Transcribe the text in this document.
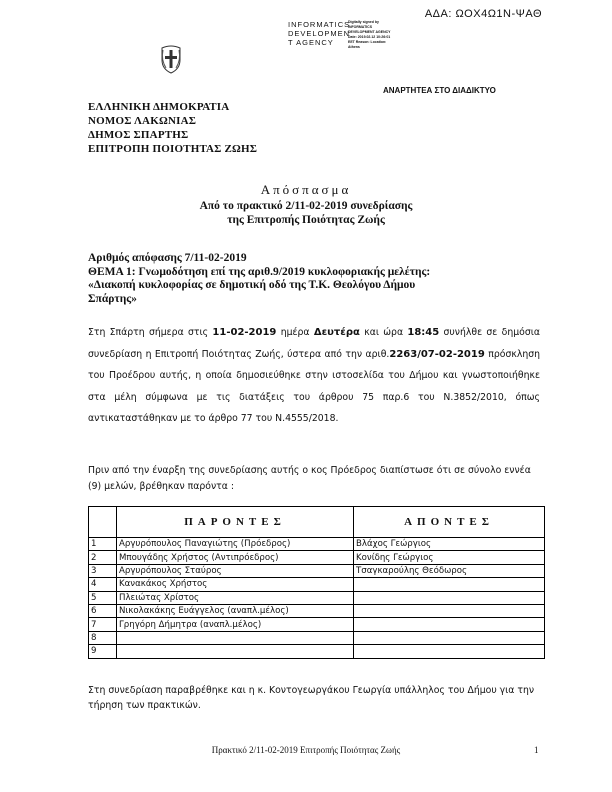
ΑΔΑ: ΩΟΧ4Ω1Ν-ΨΑΘ
INFORMATICS
DEVELOPMEN
T AGENCY
Digitally signed by INFORMATICS DEVELOPMENT AGENCY Date: 2019.02.12 10:26:01 EET Reason: Location: Athens
ΑΝΑΡΤΗΤΕΑ ΣΤΟ ΔΙΑΔΙΚΤΥΟ
ΕΛΛΗΝΙΚΗ ΔΗΜΟΚΡΑΤΙΑ
ΝΟΜΟΣ ΛΑΚΩΝΙΑΣ
ΔΗΜΟΣ ΣΠΑΡΤΗΣ
ΕΠΙΤΡΟΠΗ ΠΟΙΟΤΗΤΑΣ ΖΩΗΣ
Απόσπασμα
Από το πρακτικό 2/11-02-2019 συνεδρίασης
της Επιτροπής Ποιότητας Ζωής
Αριθμός απόφασης 7/11-02-2019
ΘΕΜΑ 1: Γνωμοδότηση επί της αριθ.9/2019 κυκλοφοριακής μελέτης:
«Διακοπή κυκλοφορίας σε δημοτική οδό της Τ.Κ. Θεολόγου Δήμου
Σπάρτης»
Στη Σπάρτη σήμερα στις 11-02-2019 ημέρα Δευτέρα και ώρα 18:45 συνήλθε σε δημόσια συνεδρίαση η Επιτροπή Ποιότητας Ζωής, ύστερα από την αριθ.2263/07-02-2019 πρόσκληση του Προέδρου αυτής, η οποία δημοσιεύθηκε στην ιστοσελίδα του Δήμου και γνωστοποιήθηκε στα μέλη σύμφωνα με τις διατάξεις του άρθρου 75 παρ.6 του Ν.3852/2010, όπως αντικαταστάθηκαν με το άρθρο 77 του Ν.4555/2018.
Πριν από την έναρξη της συνεδρίασης αυτής ο κος Πρόεδρος διαπίστωσε ότι σε σύνολο εννέα (9) μελών, βρέθηκαν παρόντα :
	ΠΑΡΟΝΤΕΣ	ΑΠΟΝΤΕΣ
1	Αργυρόπουλος Παναγιώτης (Πρόεδρος)	Βλάχος Γεώργιος
2	Μπουγάδης Χρήστος (Αντιπρόεδρος)	Κονίδης Γεώργιος
3	Αργυρόπουλος Σταύρος	Τσαγκαρούλης Θεόδωρος
4	Κανακάκος Χρήστος	
5	Πλειώτας Χρίστος	
6	Νικολακάκης Ευάγγελος (αναπλ.μέλος)	
7	Γρηγόρη Δήμητρα (αναπλ.μέλος)	
8		
9		
Στη συνεδρίαση παραβρέθηκε και η κ. Κοντογεωργάκου Γεωργία υπάλληλος του Δήμου για την τήρηση των πρακτικών.
Πρακτικό 2/11-02-2019 Επιτροπής Ποιότητας Ζωής	1
